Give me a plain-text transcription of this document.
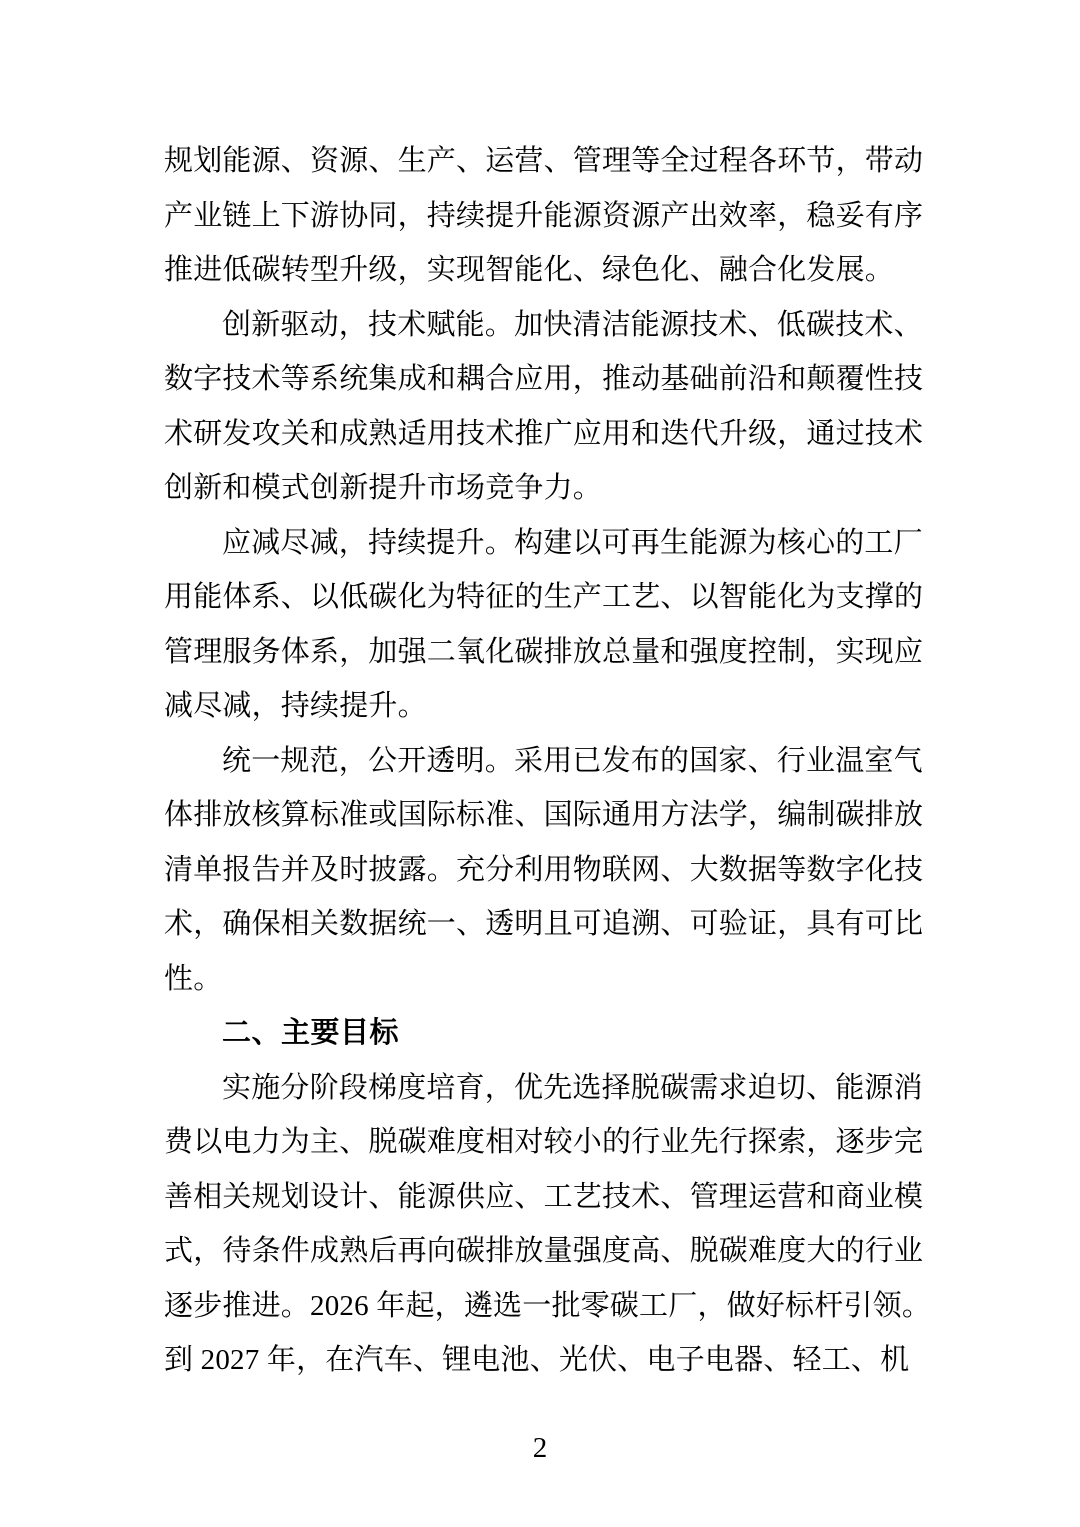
规划能源、资源、生产、运营、管理等全过程各环节，带动
产业链上下游协同，持续提升能源资源产出效率，稳妥有序
推进低碳转型升级，实现智能化、绿色化、融合化发展。
创新驱动，技术赋能。加快清洁能源技术、低碳技术、
数字技术等系统集成和耦合应用，推动基础前沿和颠覆性技
术研发攻关和成熟适用技术推广应用和迭代升级，通过技术
创新和模式创新提升市场竞争力。
应减尽减，持续提升。构建以可再生能源为核心的工厂
用能体系、以低碳化为特征的生产工艺、以智能化为支撑的
管理服务体系，加强二氧化碳排放总量和强度控制，实现应
减尽减，持续提升。
统一规范，公开透明。采用已发布的国家、行业温室气
体排放核算标准或国际标准、国际通用方法学，编制碳排放
清单报告并及时披露。充分利用物联网、大数据等数字化技
术，确保相关数据统一、透明且可追溯、可验证，具有可比
性。
二、主要目标
实施分阶段梯度培育，优先选择脱碳需求迫切、能源消
费以电力为主、脱碳难度相对较小的行业先行探索，逐步完
善相关规划设计、能源供应、工艺技术、管理运营和商业模
式，待条件成熟后再向碳排放量强度高、脱碳难度大的行业
逐步推进。2026 年起，遴选一批零碳工厂，做好标杆引领。
到 2027 年，在汽车、锂电池、光伏、电子电器、轻工、机
2
